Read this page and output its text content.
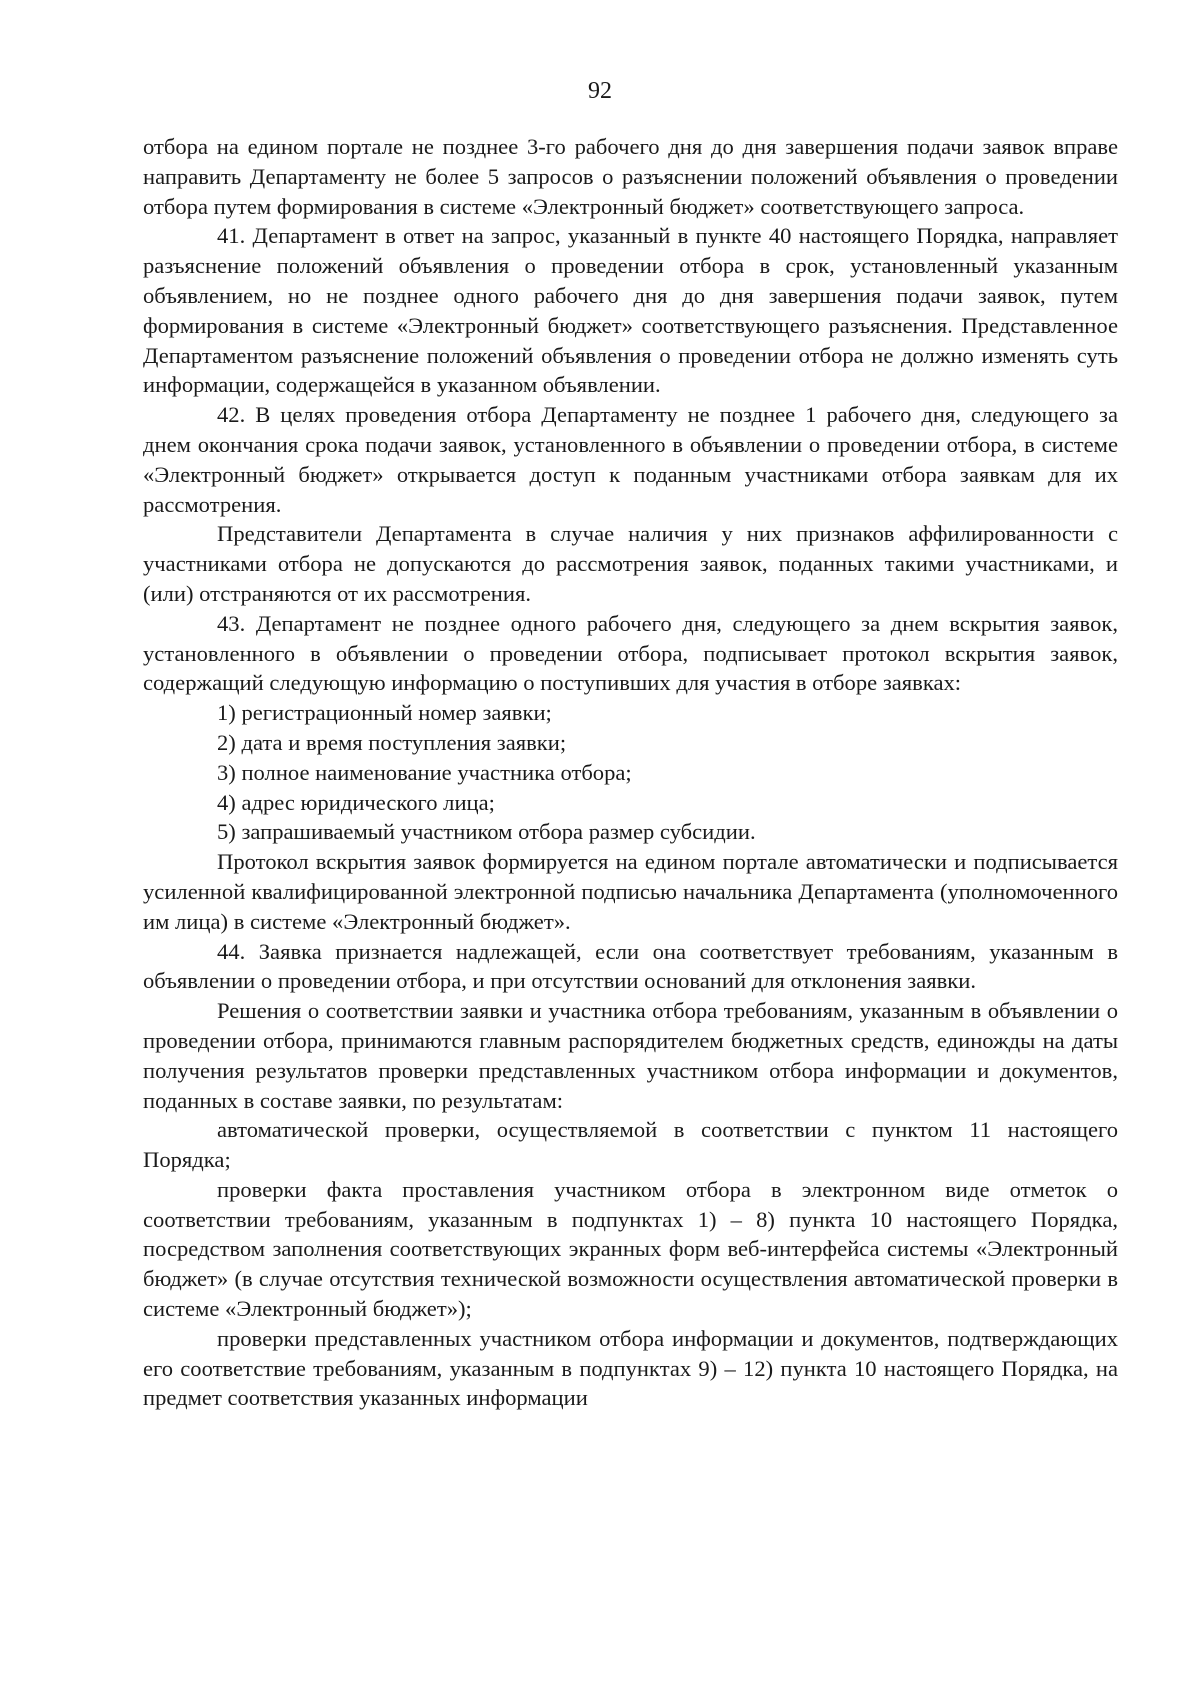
92

отбора на едином портале не позднее 3-го рабочего дня до дня завершения подачи заявок вправе направить Департаменту не более 5 запросов о разъяснении положений объявления о проведении отбора путем формирования в системе «Электронный бюджет» соответствующего запроса.

41. Департамент в ответ на запрос, указанный в пункте 40 настоящего Порядка, направляет разъяснение положений объявления о проведении отбора в срок, установленный указанным объявлением, но не позднее одного рабочего дня до дня завершения подачи заявок, путем формирования в системе «Электронный бюджет» соответствующего разъяснения. Представленное Департаментом разъяснение положений объявления о проведении отбора не должно изменять суть информации, содержащейся в указанном объявлении.

42. В целях проведения отбора Департаменту не позднее 1 рабочего дня, следующего за днем окончания срока подачи заявок, установленного в объявлении о проведении отбора, в системе «Электронный бюджет» открывается доступ к поданным участниками отбора заявкам для их рассмотрения.

Представители Департамента в случае наличия у них признаков аффилированности с участниками отбора не допускаются до рассмотрения заявок, поданных такими участниками, и (или) отстраняются от их рассмотрения.

43. Департамент не позднее одного рабочего дня, следующего за днем вскрытия заявок, установленного в объявлении о проведении отбора, подписывает протокол вскрытия заявок, содержащий следующую информацию о поступивших для участия в отборе заявках:

1) регистрационный номер заявки;

2) дата и время поступления заявки;

3) полное наименование участника отбора;

4) адрес юридического лица;

5) запрашиваемый участником отбора размер субсидии.

Протокол вскрытия заявок формируется на едином портале автоматически и подписывается усиленной квалифицированной электронной подписью начальника Департамента (уполномоченного им лица) в системе «Электронный бюджет».

44. Заявка признается надлежащей, если она соответствует требованиям, указанным в объявлении о проведении отбора, и при отсутствии оснований для отклонения заявки.

Решения о соответствии заявки и участника отбора требованиям, указанным в объявлении о проведении отбора, принимаются главным распорядителем бюджетных средств, единожды на даты получения результатов проверки представленных участником отбора информации и документов, поданных в составе заявки, по результатам:

автоматической проверки, осуществляемой в соответствии с пунктом 11 настоящего Порядка;

проверки факта проставления участником отбора в электронном виде отметок о соответствии требованиям, указанным в подпунктах 1) – 8) пункта 10 настоящего Порядка, посредством заполнения соответствующих экранных форм веб-интерфейса системы «Электронный бюджет» (в случае отсутствия технической возможности осуществления автоматической проверки в системе «Электронный бюджет»);

проверки представленных участником отбора информации и документов, подтверждающих его соответствие требованиям, указанным в подпунктах 9) – 12) пункта 10 настоящего Порядка, на предмет соответствия указанных информации
